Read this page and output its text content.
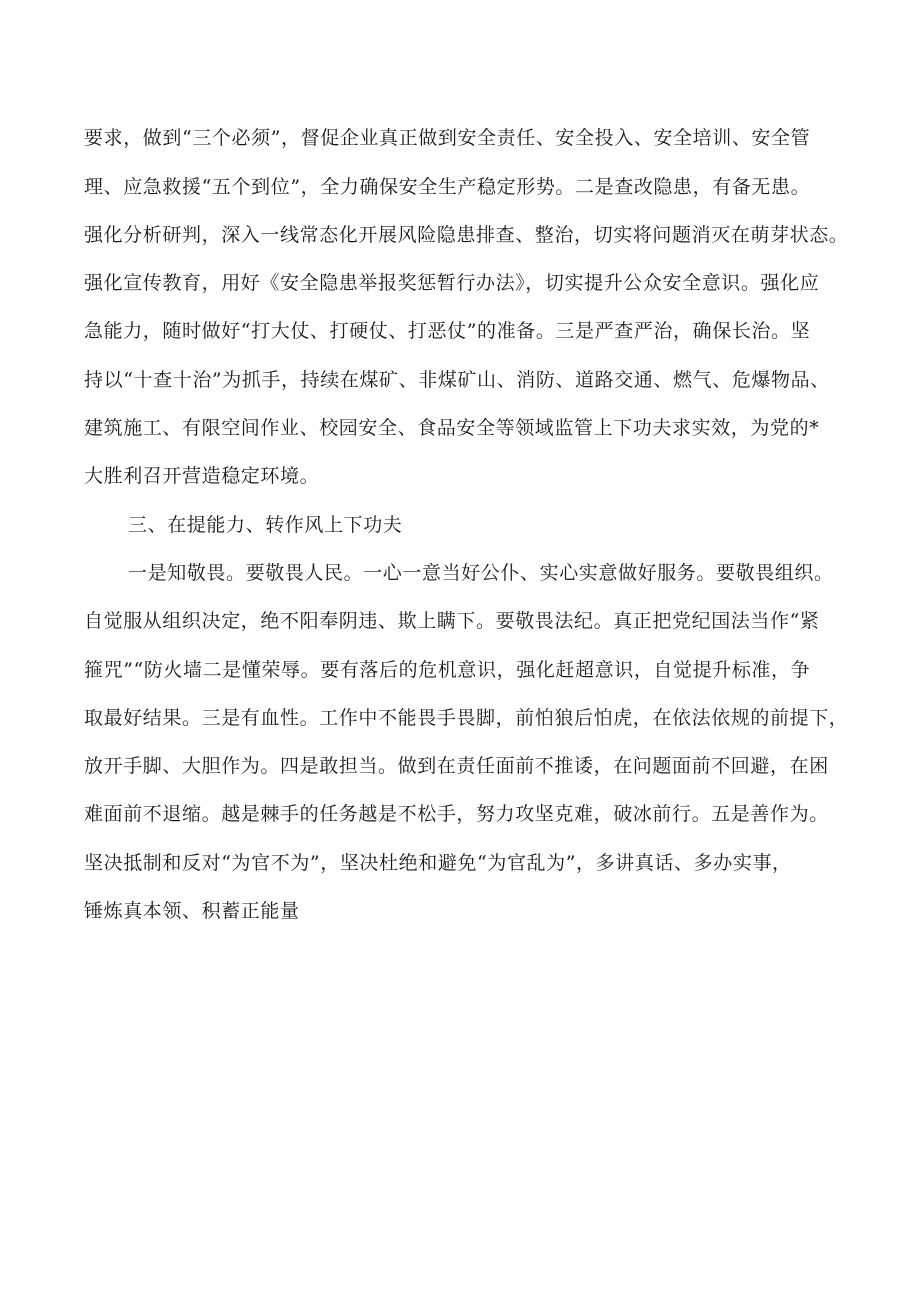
要求，做到“三个必须”，督促企业真正做到安全责任、安全投入、安全培训、安全管
理、应急救援“五个到位”，全力确保安全生产稳定形势。二是查改隐患，有备无患。
强化分析研判，深入一线常态化开展风险隐患排查、整治，切实将问题消灭在萌芽状态。
强化宣传教育，用好《安全隐患举报奖惩暂行办法》，切实提升公众安全意识。强化应
急能力，随时做好“打大仗、打硬仗、打恶仗”的准备。三是严查严治，确保长治。坚
持以“十查十治”为抓手，持续在煤矿、非煤矿山、消防、道路交通、燃气、危爆物品、
建筑施工、有限空间作业、校园安全、食品安全等领域监管上下功夫求实效，为党的*
大胜利召开营造稳定环境。
三、在提能力、转作风上下功夫
一是知敬畏。要敬畏人民。一心一意当好公仆、实心实意做好服务。要敬畏组织。
自觉服从组织决定，绝不阳奉阴违、欺上瞒下。要敬畏法纪。真正把党纪国法当作“紧
箍咒”“防火墙二是懂荣辱。要有落后的危机意识，强化赶超意识，自觉提升标准，争
取最好结果。三是有血性。工作中不能畏手畏脚，前怕狼后怕虎，在依法依规的前提下，
放开手脚、大胆作为。四是敢担当。做到在责任面前不推诿，在问题面前不回避，在困
难面前不退缩。越是棘手的任务越是不松手，努力攻坚克难，破冰前行。五是善作为。
坚决抵制和反对“为官不为”，坚决杜绝和避免“为官乱为”，多讲真话、多办实事，
锤炼真本领、积蓄正能量
